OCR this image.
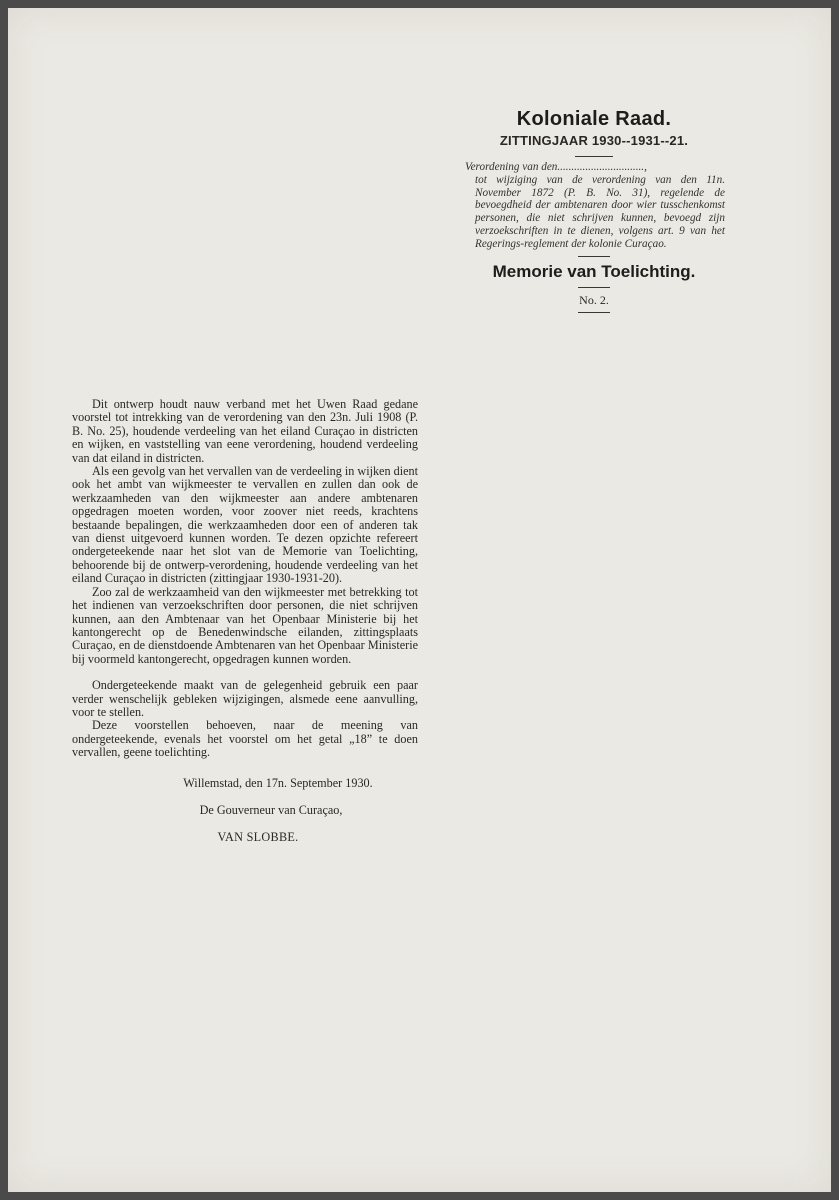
Koloniale Raad.
ZITTINGJAAR 1930--1931--21.
Verordening van den...............................,
tot wijziging van de verordening van den 11n. November 1872 (P. B. No. 31), regelende de bevoegdheid der ambtenaren door wier tusschenkomst personen, die niet schrijven kunnen, bevoegd zijn verzoekschriften in te dienen, volgens art. 9 van het Regerings-reglement der kolonie Curaçao.
Memorie van Toelichting.
No. 2.

Dit ontwerp houdt nauw verband met het Uwen Raad gedane voorstel tot intrekking van de verordening van den 23n. Juli 1908 (P. B. No. 25), houdende verdeeling van het eiland Curaçao in districten en wijken, en vaststelling van eene verordening, houdend verdeeling van dat eiland in districten.

Als een gevolg van het vervallen van de verdeeling in wijken dient ook het ambt van wijkmeester te vervallen en zullen dan ook de werkzaamheden van den wijkmeester aan andere ambtenaren opgedragen moeten worden, voor zoover niet reeds, krachtens bestaande bepalingen, die werkzaamheden door een of anderen tak van dienst uitgevoerd kunnen worden. Te dezen opzichte refereert ondergeteekende naar het slot van de Memorie van Toelichting, behoorende bij de ontwerp-verordening, houdende verdeeling van het eiland Curaçao in districten (zittingjaar 1930-1931-20).

Zoo zal de werkzaamheid van den wijkmeester met betrekking tot het indienen van verzoekschriften door personen, die niet schrijven kunnen, aan den Ambtenaar van het Openbaar Ministerie bij het kantongerecht op de Benedenwindsche eilanden, zittingsplaats Curaçao, en de dienstdoende Ambtenaren van het Openbaar Ministerie bij voormeld kantongerecht, opgedragen kunnen worden.

Ondergeteekende maakt van de gelegenheid gebruik een paar verder wenschelijk gebleken wijzigingen, alsmede eene aanvulling, voor te stellen.

Deze voorstellen behoeven, naar de meening van ondergeteekende, evenals het voorstel om het getal „18” te doen vervallen, geene toelichting.

Willemstad, den 17n. September 1930.
De Gouverneur van Curaçao,
VAN SLOBBE.
